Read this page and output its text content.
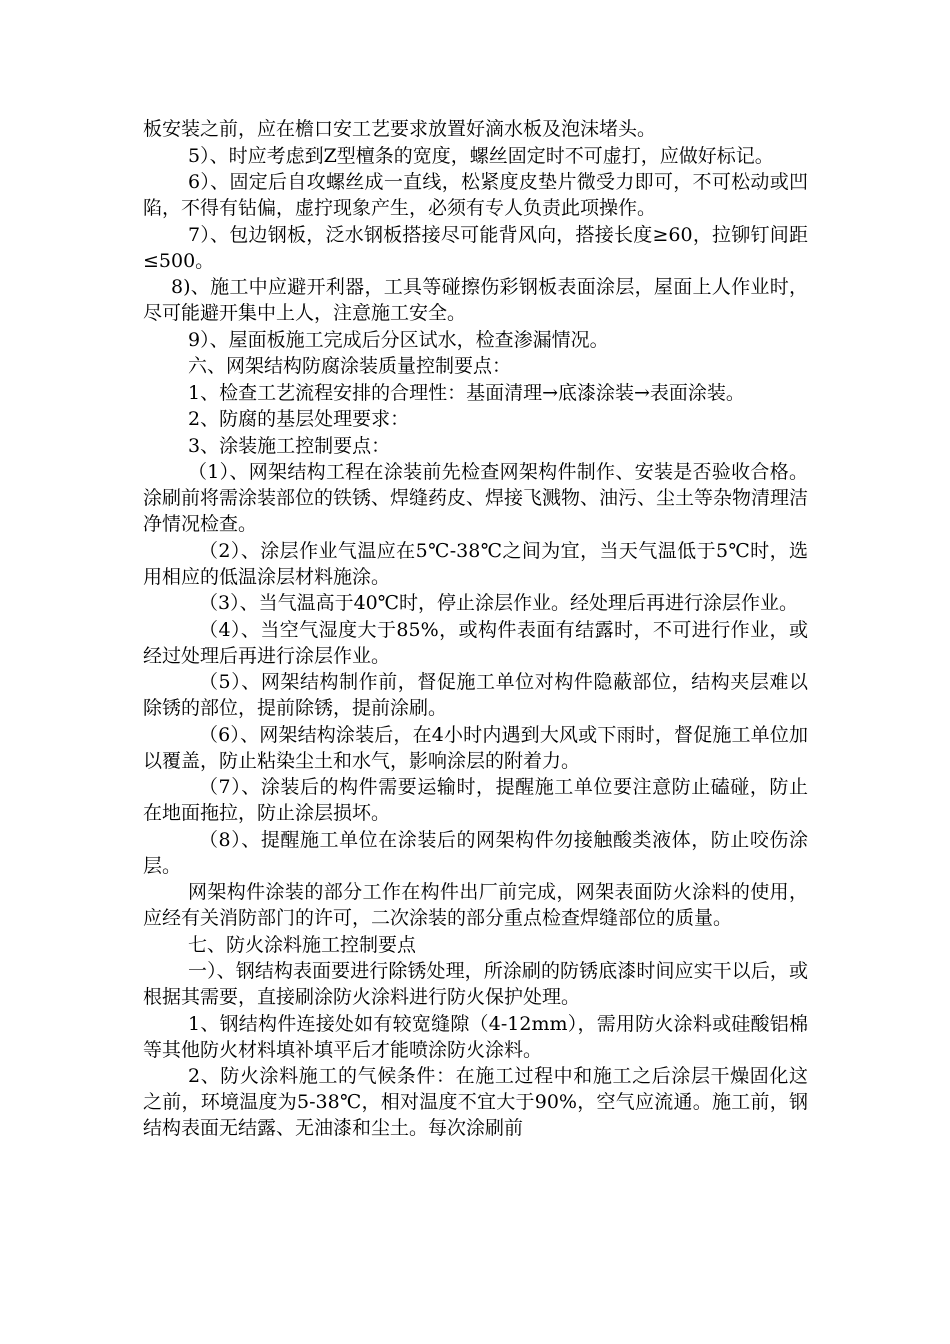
板安装之前，应在檐口安工艺要求放置好滴水板及泡沫堵头。

5）、时应考虑到Z型檀条的宽度，螺丝固定时不可虚打，应做好标记。

6）、固定后自攻螺丝成一直线，松紧度皮垫片微受力即可，不可松动或凹陷，不得有钻偏，虚拧现象产生，必须有专人负责此项操作。

7）、包边钢板，泛水钢板搭接尽可能背风向，搭接长度≥60，拉铆钉间距≤500。

8)、施工中应避开利器，工具等碰擦伤彩钢板表面涂层，屋面上人作业时，尽可能避开集中上人，注意施工安全。

9）、屋面板施工完成后分区试水，检查渗漏情况。

六、网架结构防腐涂装质量控制要点：

1、检查工艺流程安排的合理性：基面清理→底漆涂装→表面涂装。

2、防腐的基层处理要求：

3、涂装施工控制要点：

（1）、网架结构工程在涂装前先检查网架构件制作、安装是否验收合格。涂刷前将需涂装部位的铁锈、焊缝药皮、焊接飞溅物、油污、尘土等杂物清理洁净情况检查。

（2）、涂层作业气温应在5℃-38℃之间为宜，当天气温低于5℃时，选用相应的低温涂层材料施涂。

（3）、当气温高于40℃时，停止涂层作业。经处理后再进行涂层作业。

（4）、当空气湿度大于85%，或构件表面有结露时，不可进行作业，或经过处理后再进行涂层作业。

（5）、网架结构制作前，督促施工单位对构件隐蔽部位，结构夹层难以除锈的部位，提前除锈，提前涂刷。

（6）、网架结构涂装后，在4小时内遇到大风或下雨时，督促施工单位加以覆盖，防止粘染尘土和水气，影响涂层的附着力。

（7）、涂装后的构件需要运输时，提醒施工单位要注意防止磕碰，防止在地面拖拉，防止涂层损坏。

（8）、提醒施工单位在涂装后的网架构件勿接触酸类液体，防止咬伤涂层。

网架构件涂装的部分工作在构件出厂前完成，网架表面防火涂料的使用，应经有关消防部门的许可，二次涂装的部分重点检查焊缝部位的质量。

七、防火涂料施工控制要点

一）、钢结构表面要进行除锈处理，所涂刷的防锈底漆时间应实干以后，或根据其需要，直接刷涂防火涂料进行防火保护处理。

1、钢结构件连接处如有较宽缝隙（4-12mm），需用防火涂料或硅酸铝棉等其他防火材料填补填平后才能喷涂防火涂料。

2、防火涂料施工的气候条件：在施工过程中和施工之后涂层干燥固化这之前，环境温度为5-38℃，相对温度不宜大于90%，空气应流通。施工前，钢结构表面无结露、无油漆和尘土。每次涂刷前
